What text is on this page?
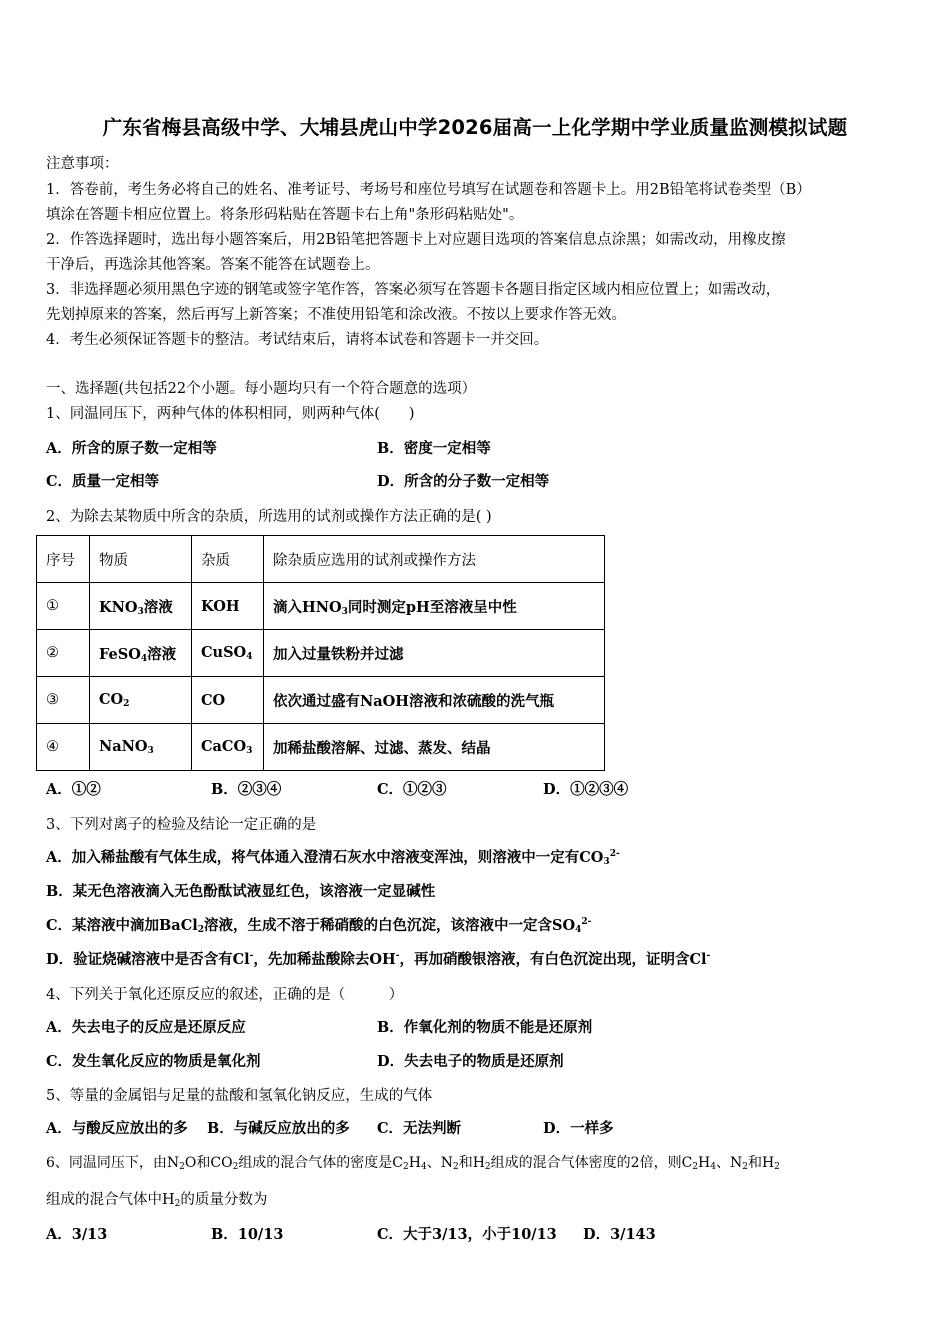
广东省梅县高级中学、大埔县虎山中学2026届高一上化学期中学业质量监测模拟试题
注意事项：
1．答卷前，考生务必将自己的姓名、准考证号、考场号和座位号填写在试题卷和答题卡上。用2B铅笔将试卷类型（B）
填涂在答题卡相应位置上。将条形码粘贴在答题卡右上角"条形码粘贴处"。
2．作答选择题时，选出每小题答案后，用2B铅笔把答题卡上对应题目选项的答案信息点涂黑；如需改动，用橡皮擦
干净后，再选涂其他答案。答案不能答在试题卷上。
3．非选择题必须用黑色字迹的钢笔或签字笔作答，答案必须写在答题卡各题目指定区域内相应位置上；如需改动，
先划掉原来的答案，然后再写上新答案；不准使用铅笔和涂改液。不按以上要求作答无效。
4．考生必须保证答题卡的整洁。考试结束后，请将本试卷和答题卡一并交回。
一、选择题(共包括22个小题。每小题均只有一个符合题意的选项）
1、同温同压下，两种气体的体积相同，则两种气体(　　)
A．所含的原子数一定相等	B．密度一定相等
C．质量一定相等	D．所含的分子数一定相等
2、为除去某物质中所含的杂质，所选用的试剂或操作方法正确的是( )
序号	物质	杂质	除杂质应选用的试剂或操作方法
①	$KNO_3$溶液	KOH	滴入$HNO_3$同时测定pH至溶液呈中性
②	FeSO$_4$溶液	CuSO$_4$	加入过量铁粉并过滤
③	$CO_2$	CO	依次通过盛有NaOH溶液和浓硫酸的洗气瓶
④	NaNO$_3$	CaCO$_3$	加稀盐酸溶解、过滤、蒸发、结晶
A．①②	B．②③④	C．①②③	D．①②③④
3、下列对离子的检验及结论一定正确的是
A．加入稀盐酸有气体生成，将气体通入澄清石灰水中溶液变浑浊，则溶液中一定有$CO_3^{2-}$
B．某无色溶液滴入无色酚酞试液显红色，该溶液一定显碱性
C．某溶液中滴加BaCl$_2$溶液，生成不溶于稀硝酸的白色沉淀，该溶液中一定含$SO_4^{2-}$
D．验证烧碱溶液中是否含有Cl-，先加稀盐酸除去OH-，再加硝酸银溶液，有白色沉淀出现，证明含Cl-
4、下列关于氧化还原反应的叙述，正确的是（　　　）
A．失去电子的反应是还原反应	B．作氧化剂的物质不能是还原剂
C．发生氧化反应的物质是氧化剂	D．失去电子的物质是还原剂
5、等量的金属铝与足量的盐酸和氢氧化钠反应，生成的气体
A．与酸反应放出的多 B．与碱反应放出的多 C．无法判断	D．一样多
6、同温同压下，由$N_2O$和$CO_2$组成的混合气体的密度是$C_2H_4$、$N_2$和$H_2$组成的混合气体密度的2倍，则$C_2H_4$、$N_2$和$H_2$
组成的混合气体中$H_2$的质量分数为
A．3/13	B．10/13	C．大于3/13，小于10/13 D．3/143
